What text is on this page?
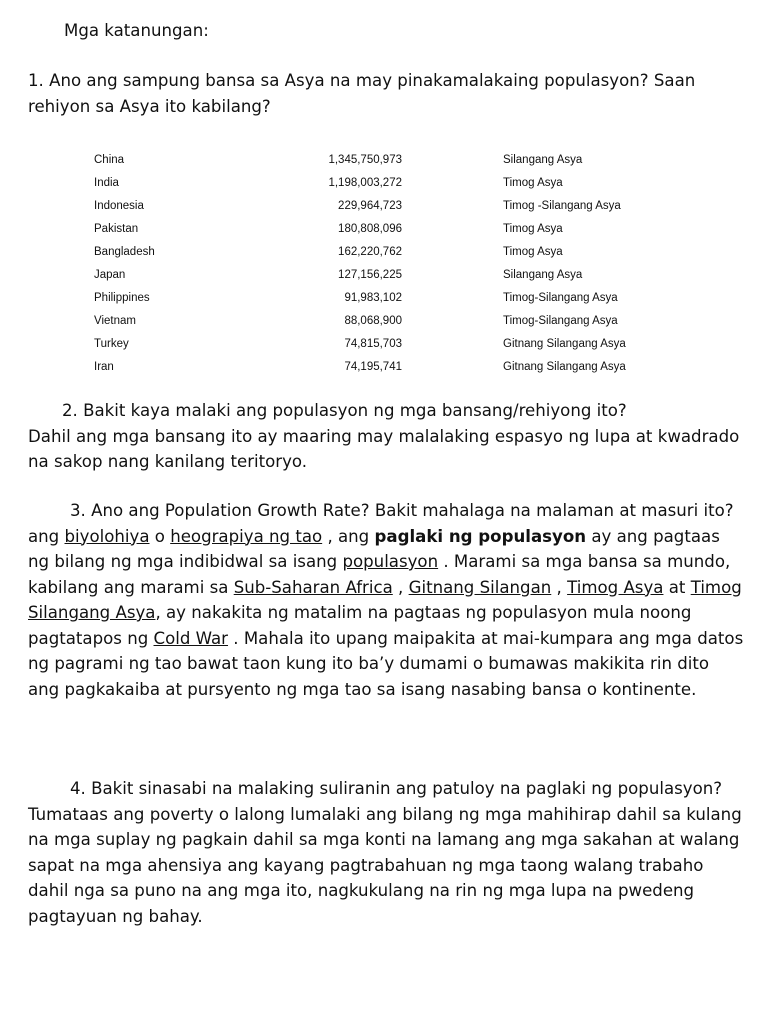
Mga katanungan:

1. Ano ang sampung bansa sa Asya na may pinakamalakaing populasyon? Saan rehiyon sa Asya ito kabilang?

China	1,345,750,973		Silangang Asya
India	1,198,003,272		Timog Asya
Indonesia	229,964,723		Timog -Silangang Asya
Pakistan	180,808,096		Timog Asya
Bangladesh	162,220,762		Timog Asya
Japan	127,156,225		Silangang Asya
Philippines	91,983,102		Timog-Silangang Asya
Vietnam	88,068,900		Timog-Silangang Asya
Turkey	74,815,703		Gitnang Silangang Asya
Iran	74,195,741		Gitnang Silangang Asya

2. Bakit kaya malaki ang populasyon ng mga bansang/rehiyong ito?

Dahil ang mga bansang ito ay maaring may malalaking espasyo ng lupa at kwadrado na sakop nang kanilang teritoryo.

3. Ano ang Population Growth Rate? Bakit mahalaga na malaman at masuri ito?

ang biyolohiya o heograpiya ng tao , ang paglaki ng populasyon ay ang pagtaas ng bilang ng mga indibidwal sa isang populasyon . Marami sa mga bansa sa mundo, kabilang ang marami sa Sub-Saharan Africa , Gitnang Silangan , Timog Asya at Timog Silangang Asya, ay nakakita ng matalim na pagtaas ng populasyon mula noong pagtatapos ng Cold War . Mahala ito upang maipakita at mai-kumpara ang mga datos ng pagrami ng tao bawat taon kung ito ba’y dumami o bumawas makikita rin dito ang pagkakaiba at pursyento ng mga tao sa isang nasabing bansa o kontinente.

4. Bakit sinasabi na malaking suliranin ang patuloy na paglaki ng populasyon?

Tumataas ang poverty o lalong lumalaki ang bilang ng mga mahihirap dahil sa kulang na mga suplay ng pagkain dahil sa mga konti na lamang ang mga sakahan at walang sapat na mga ahensiya ang kayang pagtrabahuan ng mga taong walang trabaho dahil nga sa puno na ang mga ito, nagkukulang na rin ng mga lupa na pwedeng pagtayuan ng bahay.
